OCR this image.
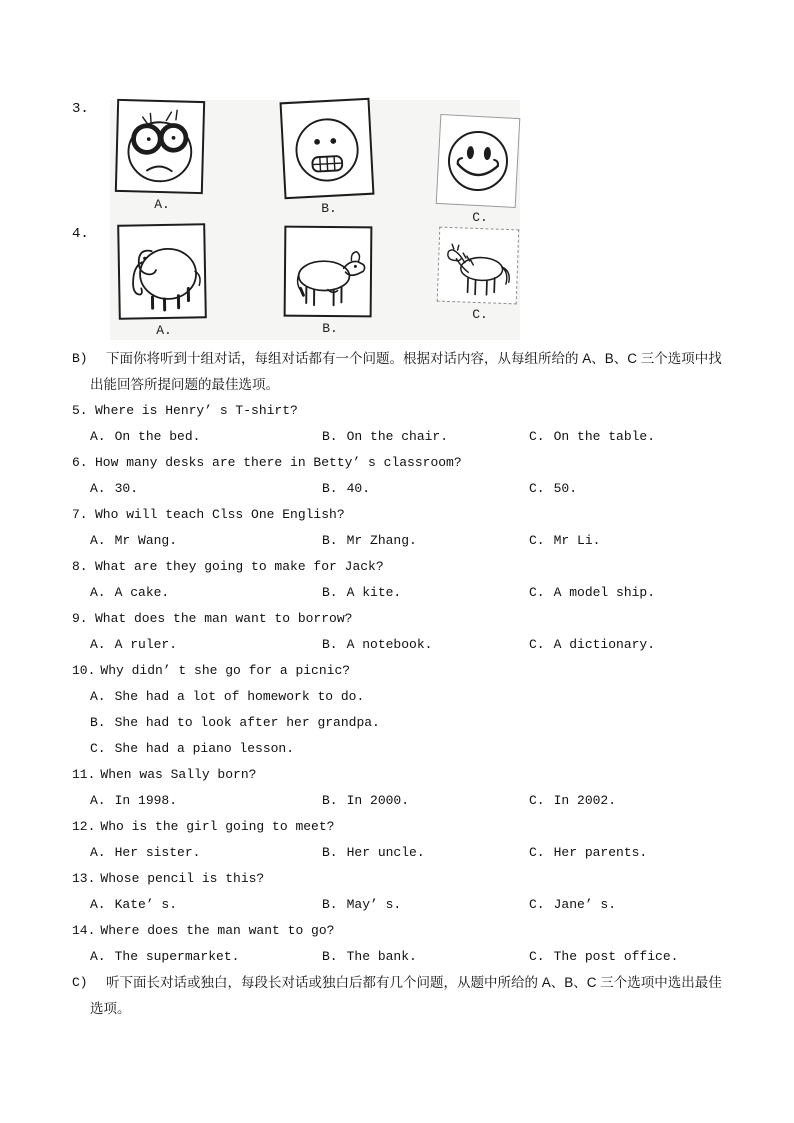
3.
4.
A.	B.
C.
A.	B.
C.
B)	下面你将听到十组对话，每组对话都有一个问题。根据对话内容，从每组所给的 A、B、C 三个选项中找出能回答所提问题的最佳选项。

5. Where is Henry’ s T-shirt?
A. On the bed.	B. On the chair.	C. On the table.
6. How many desks are there in Betty’ s classroom?
A. 30.	B. 40.	C. 50.
7. Who will teach Clss One English?
A. Mr Wang.	B. Mr Zhang.	C. Mr Li.
8. What are they going to make for Jack?
A. A cake.	B. A kite.	C. A model ship.
9. What does the man want to borrow?
A. A ruler.	B. A notebook.	C. A dictionary.
10. Why didn’ t she go for a picnic?
A. She had a lot of homework to do.
B. She had to look after her grandpa.
C. She had a piano lesson.
11. When was Sally born?
A. In 1998.	B. In 2000.	C. In 2002.
12. Who is the girl going to meet?
A. Her sister.	B. Her uncle.	C. Her parents.
13. Whose pencil is this?
A. Kate’ s.	B. May’ s.	C. Jane’ s.
14. Where does the man want to go?
A. The supermarket.	B. The bank.	C. The post office.
C)	听下面长对话或独白，每段长对话或独白后都有几个问题，从题中所给的 A、B、C 三个选项中选出最佳选项。
